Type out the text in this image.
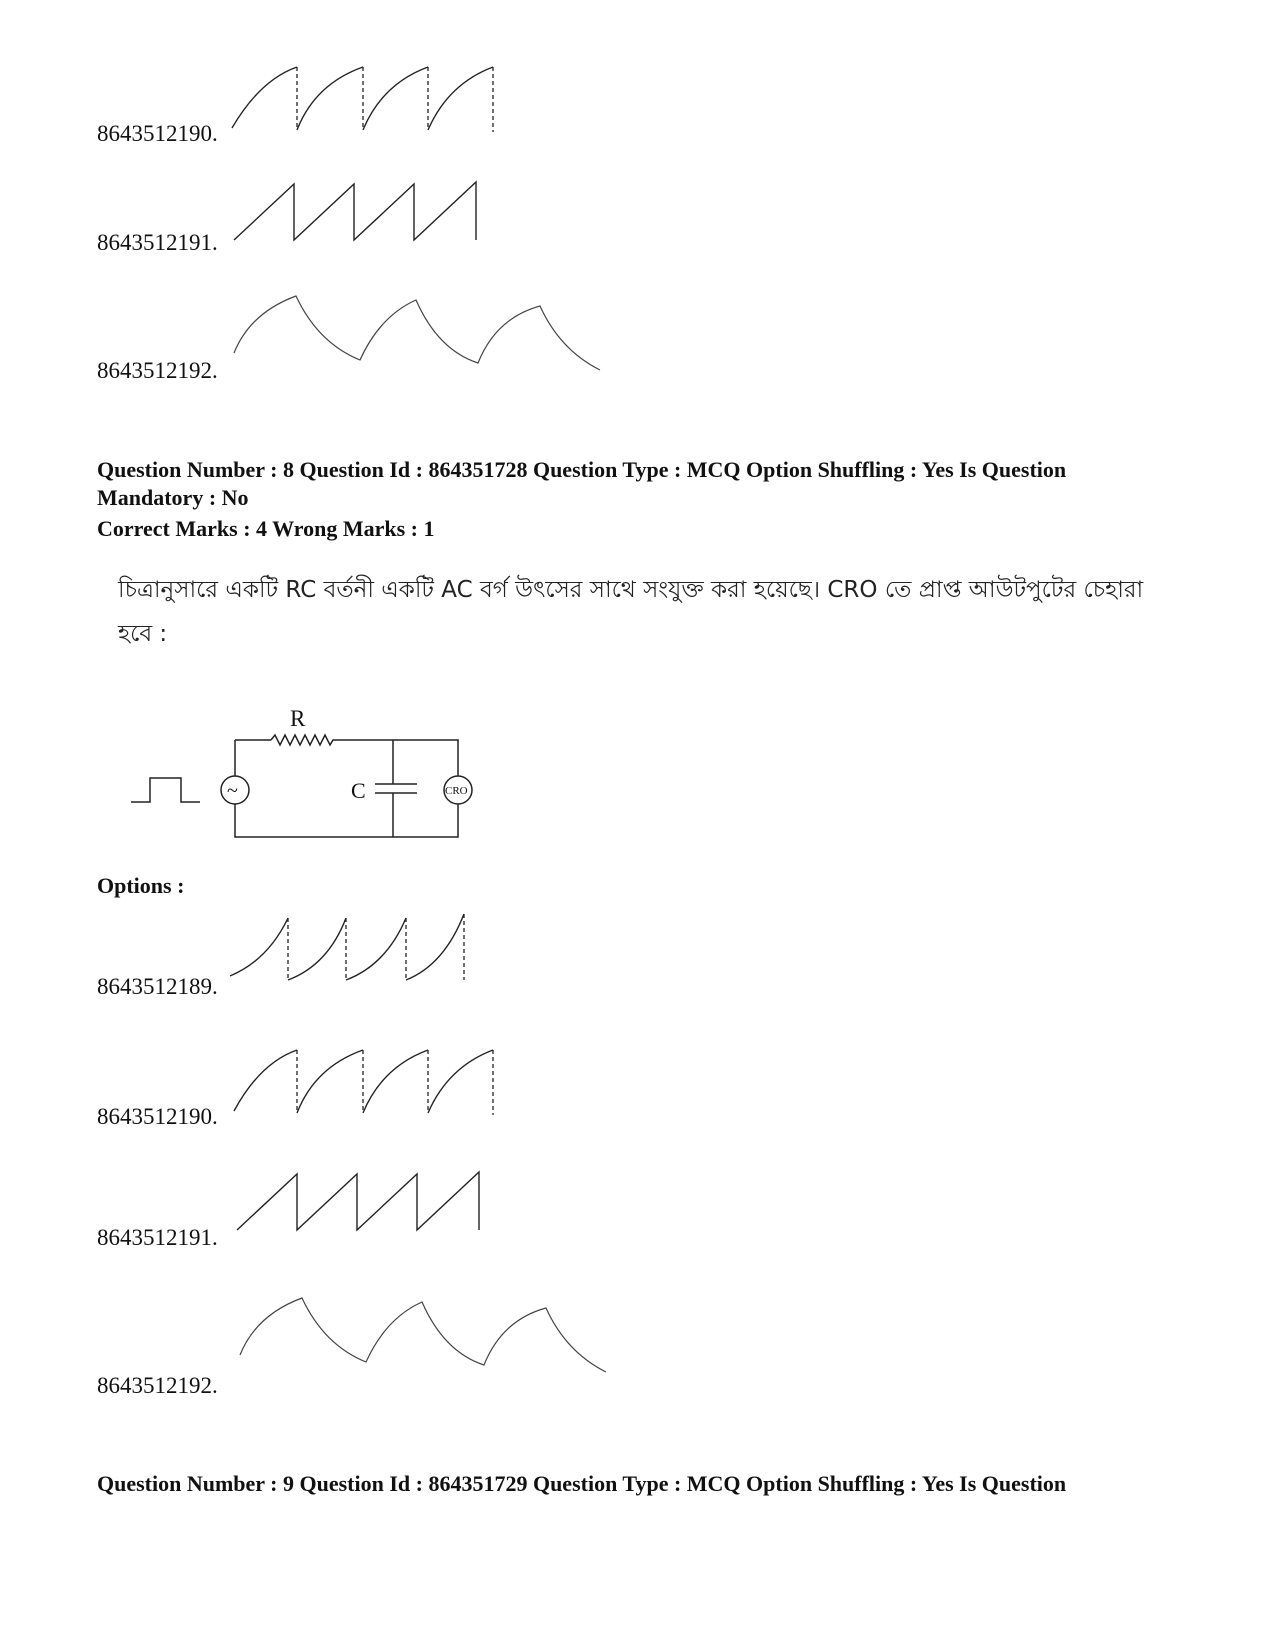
8643512190.
8643512191.
8643512192.
Question Number : 8 Question Id : 864351728 Question Type : MCQ Option Shuffling : Yes Is Question
Mandatory : No
Correct Marks : 4 Wrong Marks : 1
চিত্রানুসারে একটি RC বর্তনী একটি AC বর্গ উৎসের সাথে সংযুক্ত করা হয়েছে। CRO তে প্রাপ্ত আউটপুটের চেহারা
হবে :
R
C
~	CRO
Options :
8643512189.
8643512190.
8643512191.
8643512192.
Question Number : 9 Question Id : 864351729 Question Type : MCQ Option Shuffling : Yes Is Question
